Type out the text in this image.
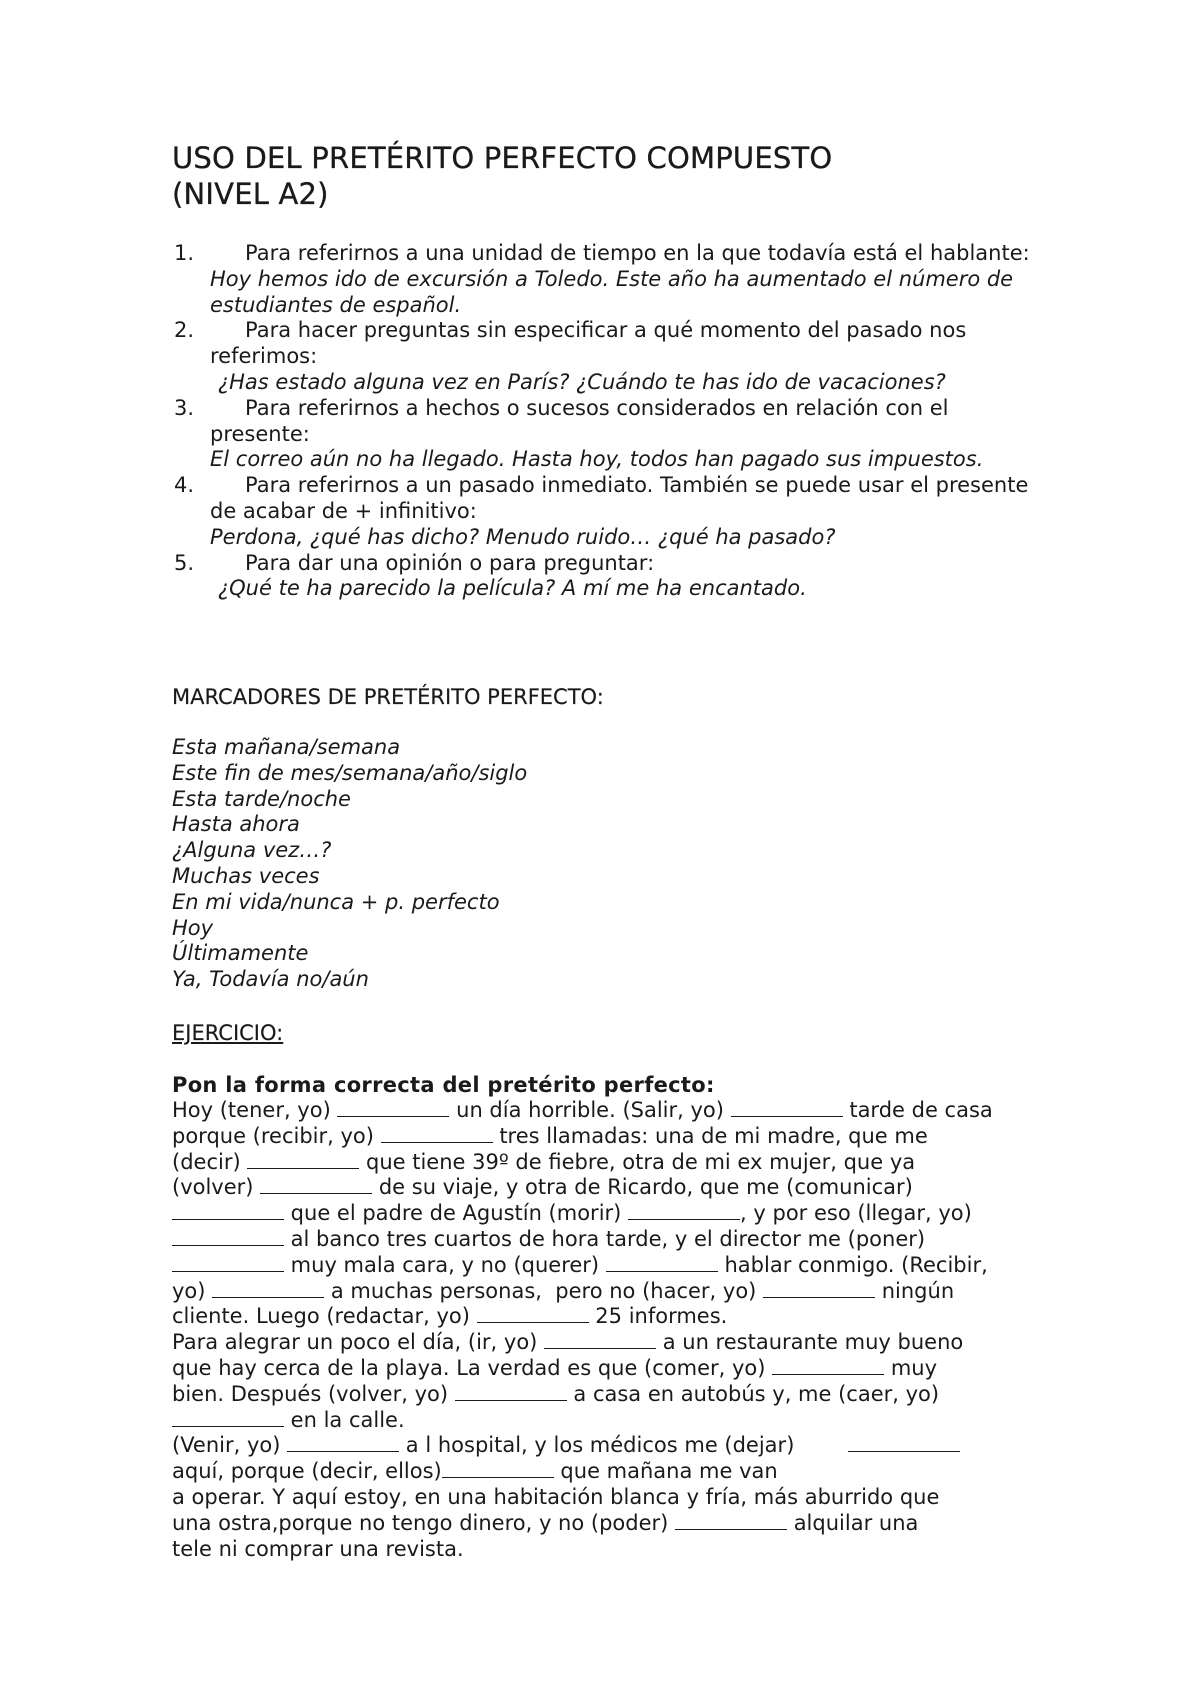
USO DEL PRETÉRITO PERFECTO COMPUESTO
(NIVEL A2)
1.	Para referirnos a una unidad de tiempo en la que todavía está el hablante:
Hoy hemos ido de excursión a Toledo. Este año ha aumentado el número de estudiantes de español.
2.	Para hacer preguntas sin especificar a qué momento del pasado nos referimos:
¿Has estado alguna vez en París? ¿Cuándo te has ido de vacaciones?
3.	Para referirnos a hechos o sucesos considerados en relación con el presente:
El correo aún no ha llegado. Hasta hoy, todos han pagado sus impuestos.
4.	Para referirnos a un pasado inmediato. También se puede usar el presente de acabar de + infinitivo:
Perdona, ¿qué has dicho? Menudo ruido… ¿qué ha pasado?
5.	Para dar una opinión o para preguntar:
¿Qué te ha parecido la película? A mí me ha encantado.
MARCADORES DE PRETÉRITO PERFECTO:
Esta mañana/semana
Este fin de mes/semana/año/siglo
Esta tarde/noche
Hasta ahora
¿Alguna vez…?
Muchas veces
En mi vida/nunca + p. perfecto
Hoy
Últimamente
Ya, Todavía no/aún
EJERCICIO:

Pon la forma correcta del pretérito perfecto:

Hoy (tener, yo)	un día horrible. (Salir, yo)	tarde de casa
porque (recibir, yo)	tres llamadas: una de mi madre, que me
(decir)	que tiene 39º de fiebre, otra de mi ex mujer, que ya
(volver)	de su viaje, y otra de Ricardo, que me (comunicar)
que el padre de Agustín (morir)	, y por eso (llegar, yo)
al banco tres cuartos de hora tarde, y el director me (poner)
muy mala cara, y no (querer)	hablar conmigo. (Recibir,
yo)	a muchas personas,  pero no (hacer, yo)	ningún
cliente. Luego (redactar, yo)	25 informes.
Para alegrar un poco el día, (ir, yo)	a un restaurante muy bueno
que hay cerca de la playa. La verdad es que (comer, yo)	muy
bien. Después (volver, yo)	a casa en autobús y, me (caer, yo)
en la calle.
(Venir, yo)	a l hospital, y los médicos me (dejar)
aquí, porque (decir, ellos)	que mañana me van
a operar. Y aquí estoy, en una habitación blanca y fría, más aburrido que
una ostra,porque no tengo dinero, y no (poder)	alquilar una
tele ni comprar una revista.
